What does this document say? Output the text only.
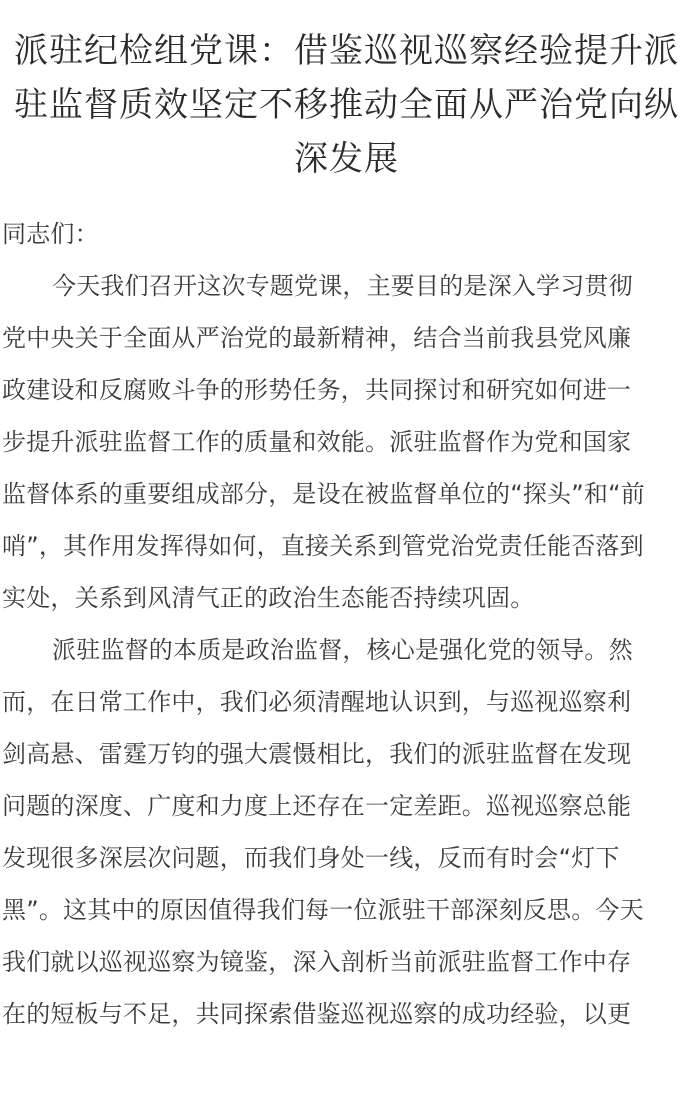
派驻纪检组党课：借鉴巡视巡察经验提升派
驻监督质效坚定不移推动全面从严治党向纵
深发展
同志们：
今天我们召开这次专题党课，主要目的是深入学习贯彻
党中央关于全面从严治党的最新精神，结合当前我县党风廉
政建设和反腐败斗争的形势任务，共同探讨和研究如何进一
步提升派驻监督工作的质量和效能。派驻监督作为党和国家
监督体系的重要组成部分，是设在被监督单位的“探头”和“前
哨”，其作用发挥得如何，直接关系到管党治党责任能否落到
实处，关系到风清气正的政治生态能否持续巩固。
派驻监督的本质是政治监督，核心是强化党的领导。然
而，在日常工作中，我们必须清醒地认识到，与巡视巡察利
剑高悬、雷霆万钧的强大震慑相比，我们的派驻监督在发现
问题的深度、广度和力度上还存在一定差距。巡视巡察总能
发现很多深层次问题，而我们身处一线，反而有时会“灯下
黑”。这其中的原因值得我们每一位派驻干部深刻反思。今天
我们就以巡视巡察为镜鉴，深入剖析当前派驻监督工作中存
在的短板与不足，共同探索借鉴巡视巡察的成功经验，以更
